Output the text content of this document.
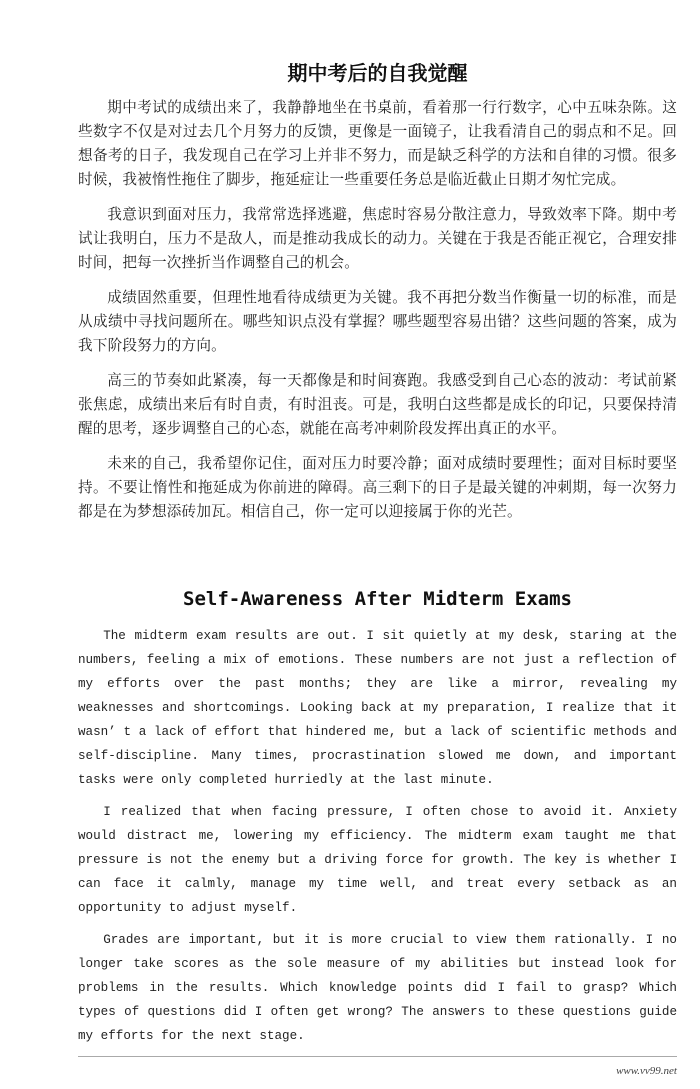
期中考后的自我觉醒

期中考试的成绩出来了，我静静地坐在书桌前，看着那一行行数字，心中五味杂陈。这些数字不仅是对过去几个月努力的反馈，更像是一面镜子，让我看清自己的弱点和不足。回想备考的日子，我发现自己在学习上并非不努力，而是缺乏科学的方法和自律的习惯。很多时候，我被惰性拖住了脚步，拖延症让一些重要任务总是临近截止日期才匆忙完成。

我意识到面对压力，我常常选择逃避，焦虑时容易分散注意力，导致效率下降。期中考试让我明白，压力不是敌人，而是推动我成长的动力。关键在于我是否能正视它，合理安排时间，把每一次挫折当作调整自己的机会。

成绩固然重要，但理性地看待成绩更为关键。我不再把分数当作衡量一切的标准，而是从成绩中寻找问题所在。哪些知识点没有掌握？哪些题型容易出错？这些问题的答案，成为我下阶段努力的方向。

高三的节奏如此紧凑，每一天都像是和时间赛跑。我感受到自己心态的波动：考试前紧张焦虑，成绩出来后有时自责，有时沮丧。可是，我明白这些都是成长的印记，只要保持清醒的思考，逐步调整自己的心态，就能在高考冲刺阶段发挥出真正的水平。

未来的自己，我希望你记住，面对压力时要冷静；面对成绩时要理性；面对目标时要坚持。不要让惰性和拖延成为你前进的障碍。高三剩下的日子是最关键的冲刺期，每一次努力都是在为梦想添砖加瓦。相信自己，你一定可以迎接属于你的光芒。

Self-Awareness After Midterm Exams

The midterm exam results are out. I sit quietly at my desk, staring at the numbers, feeling a mix of emotions. These numbers are not just a reflection of my efforts over the past months; they are like a mirror, revealing my weaknesses and shortcomings. Looking back at my preparation, I realize that it wasn’ t a lack of effort that hindered me, but a lack of scientific methods and self-discipline. Many times, procrastination slowed me down, and important tasks were only completed hurriedly at the last minute.

I realized that when facing pressure, I often chose to avoid it. Anxiety would distract me, lowering my efficiency. The midterm exam taught me that pressure is not the enemy but a driving force for growth. The key is whether I can face it calmly, manage my time well, and treat every setback as an opportunity to adjust myself.

Grades are important, but it is more crucial to view them rationally. I no longer take scores as the sole measure of my abilities but instead look for problems in the results. Which knowledge points did I fail to grasp? Which types of questions did I often get wrong? The answers to these questions guide my efforts for the next stage.

www.vv99.net
